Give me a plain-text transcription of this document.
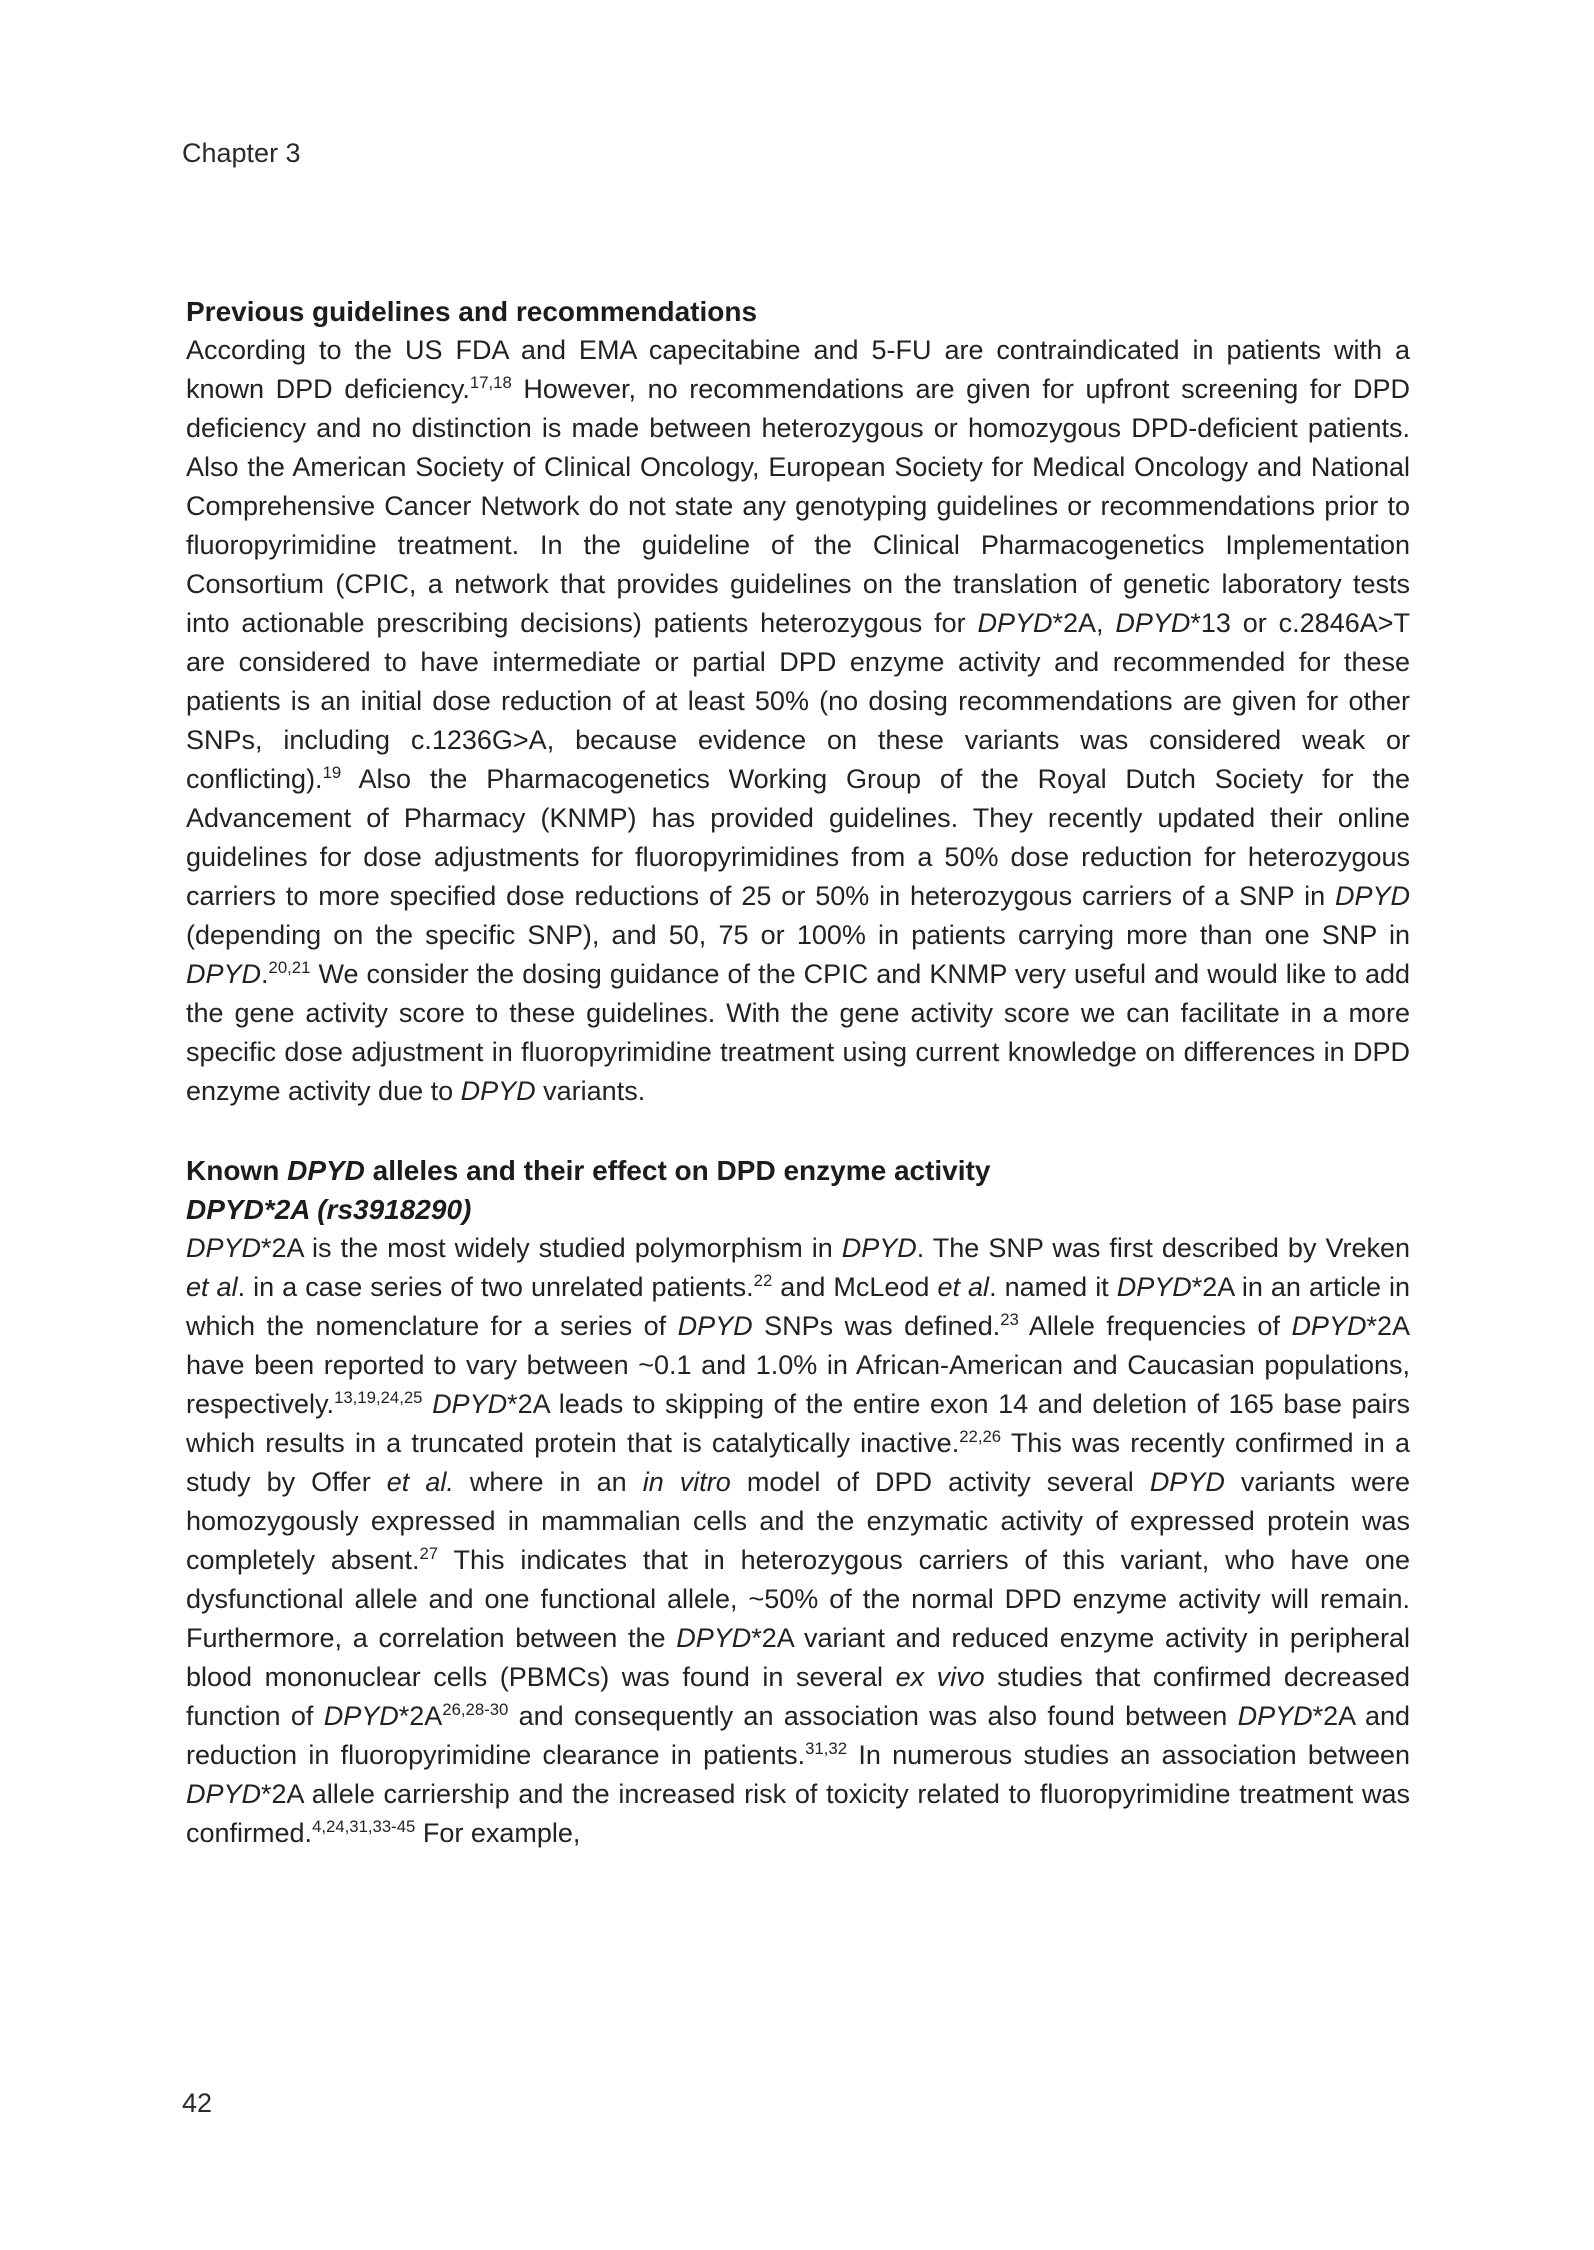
Chapter 3
Previous guidelines and recommendations

According to the US FDA and EMA capecitabine and 5-FU are contraindicated in patients with a known DPD deficiency.$^{17,18}$ However, no recommendations are given for upfront screening for DPD deficiency and no distinction is made between heterozygous or homozygous DPD-deficient patients. Also the American Society of Clinical Oncology, European Society for Medical Oncology and National Comprehensive Cancer Network do not state any genotyping guidelines or recommendations prior to fluoropyrimidine treatment. In the guideline of the Clinical Pharmacogenetics Implementation Consortium (CPIC, a network that provides guidelines on the translation of genetic laboratory tests into actionable prescribing decisions) patients heterozygous for DPYD*2A, DPYD*13 or c.2846A>T are considered to have intermediate or partial DPD enzyme activity and recommended for these patients is an initial dose reduction of at least 50% (no dosing recommendations are given for other SNPs, including c.1236G>A, because evidence on these variants was considered weak or conflicting).$^{19}$ Also the Pharmacogenetics Working Group of the Royal Dutch Society for the Advancement of Pharmacy (KNMP) has provided guidelines. They recently updated their online guidelines for dose adjustments for fluoropyrimidines from a 50% dose reduction for heterozygous carriers to more specified dose reductions of 25 or 50% in heterozygous carriers of a SNP in DPYD (depending on the specific SNP), and 50, 75 or 100% in patients carrying more than one SNP in DPYD.$^{20,21}$ We consider the dosing guidance of the CPIC and KNMP very useful and would like to add the gene activity score to these guidelines. With the gene activity score we can facilitate in a more specific dose adjustment in fluoropyrimidine treatment using current knowledge on differences in DPD enzyme activity due to DPYD variants.

Known DPYD alleles and their effect on DPD enzyme activity
DPYD*2A (rs3918290)

DPYD*2A is the most widely studied polymorphism in DPYD. The SNP was first described by Vreken et al. in a case series of two unrelated patients.$^{22}$ and McLeod et al. named it DPYD*2A in an article in which the nomenclature for a series of DPYD SNPs was defined.$^{23}$ Allele frequencies of DPYD*2A have been reported to vary between ~0.1 and 1.0% in African-American and Caucasian populations, respectively.$^{13,19,24,25}$ DPYD*2A leads to skipping of the entire exon 14 and deletion of 165 base pairs which results in a truncated protein that is catalytically inactive.$^{22,26}$ This was recently confirmed in a study by Offer et al. where in an in vitro model of DPD activity several DPYD variants were homozygously expressed in mammalian cells and the enzymatic activity of expressed protein was completely absent.$^{27}$ This indicates that in heterozygous carriers of this variant, who have one dysfunctional allele and one functional allele, ~50% of the normal DPD enzyme activity will remain. Furthermore, a correlation between the DPYD*2A variant and reduced enzyme activity in peripheral blood mononuclear cells (PBMCs) was found in several ex vivo studies that confirmed decreased function of $DPYD*2A^{26,28-30}$ and consequently an association was also found between DPYD*2A and reduction in fluoropyrimidine clearance in patients.$^{31,32}$ In numerous studies an association between DPYD*2A allele carriership and the increased risk of toxicity related to fluoropyrimidine treatment was confirmed.$^{4,24,31,33-45}$ For example,

42
